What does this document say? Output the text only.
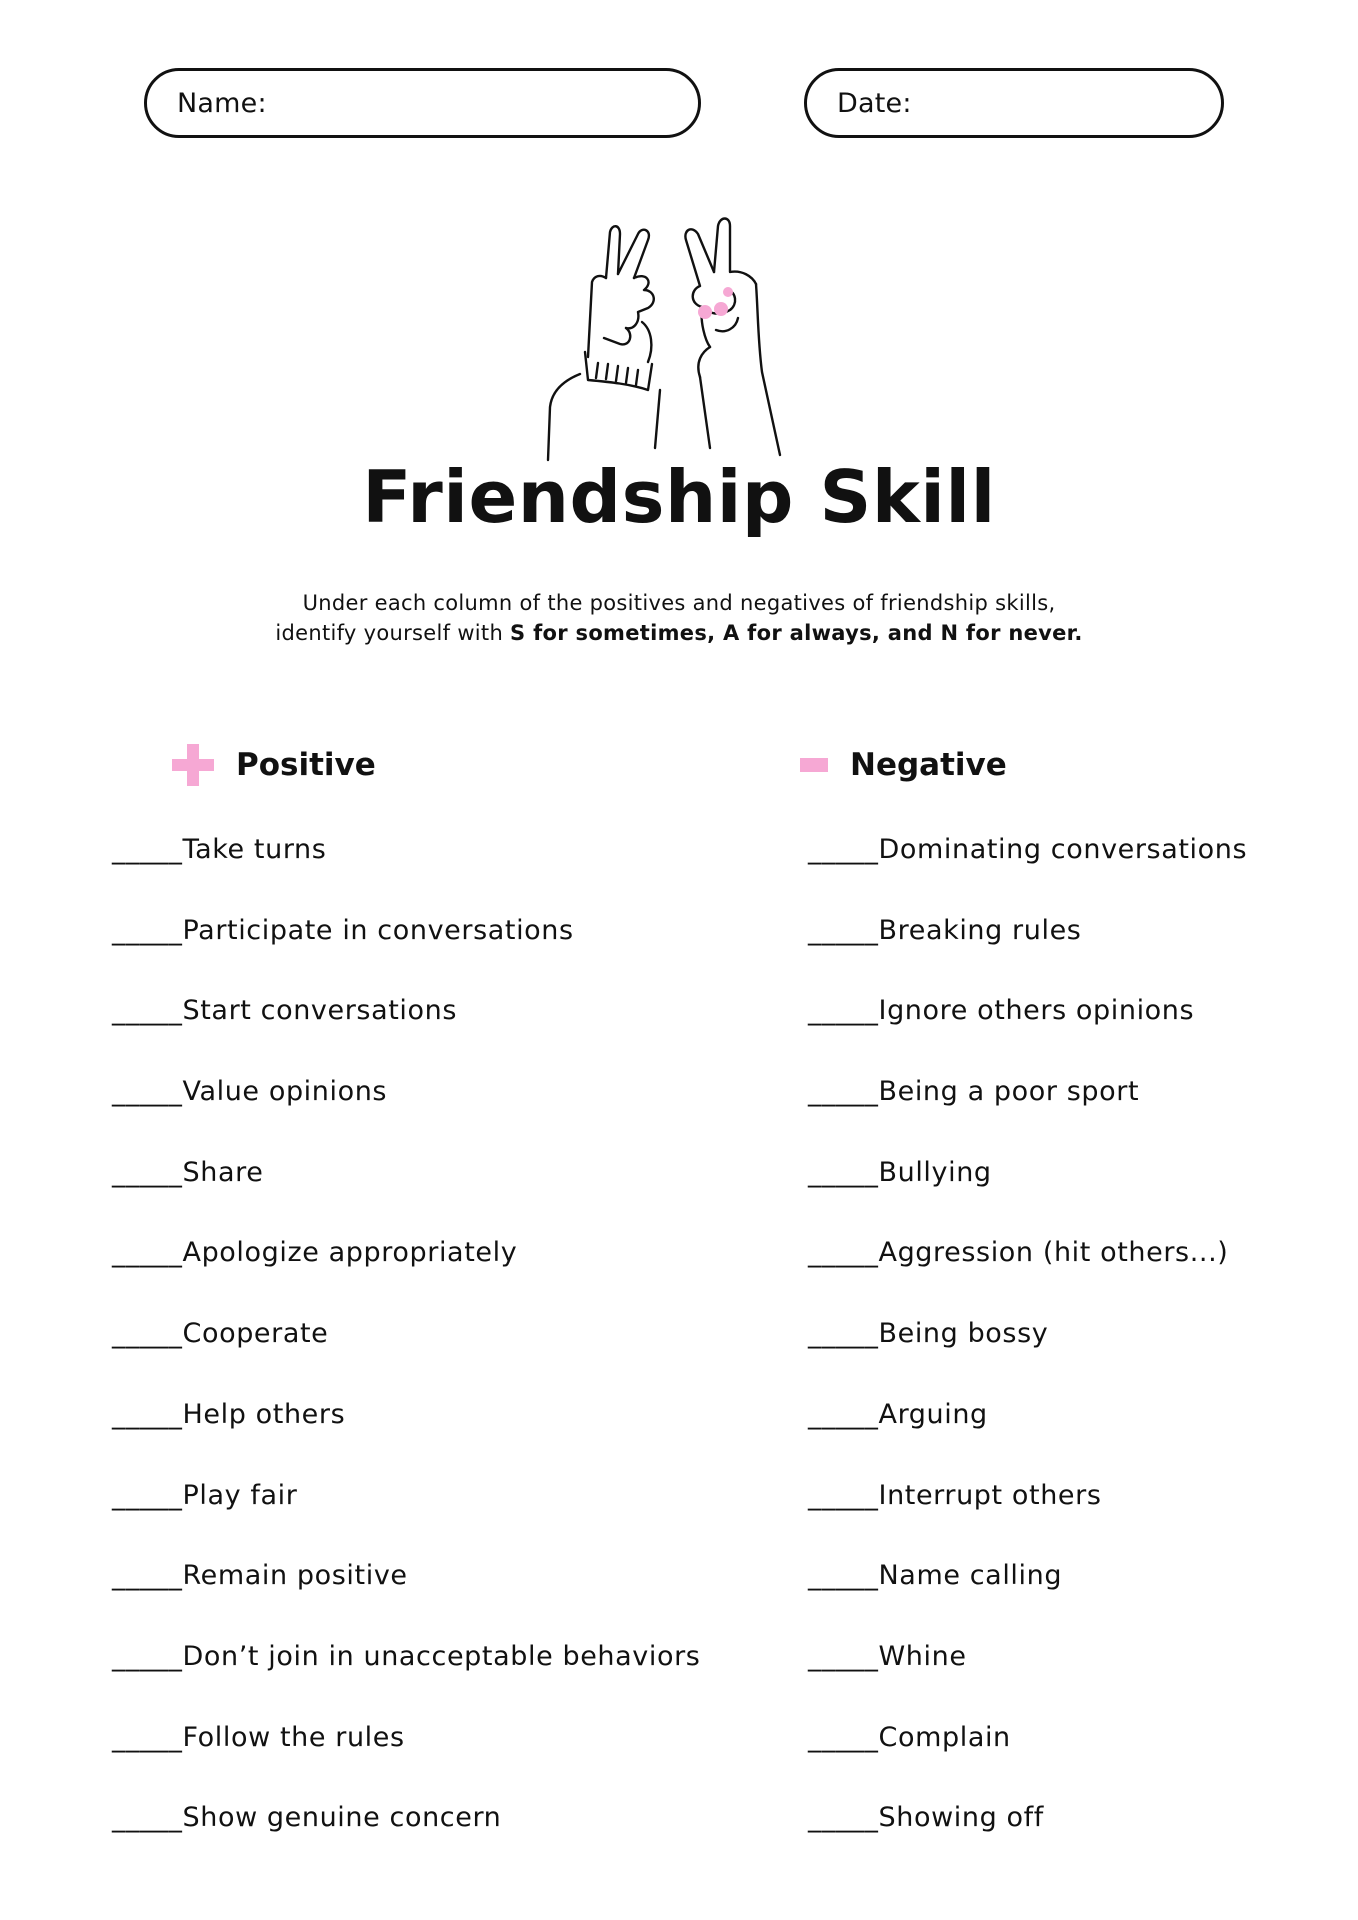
Name:	Date:
Friendship Skill
Under each column of the positives and negatives of friendship skills,
identify yourself with S for sometimes, A for always, and N for never.
Positive	Negative
_____Take turns
_____Participate in conversations
_____Start conversations
_____Value opinions
_____Share
_____Apologize appropriately
_____Cooperate
_____Help others
_____Play fair
_____Remain positive
_____Don’t join in unacceptable behaviors
_____Follow the rules
_____Show genuine concern
_____Dominating conversations
_____Breaking rules
_____Ignore others opinions
_____Being a poor sport
_____Bullying
_____Aggression (hit others...)
_____Being bossy
_____Arguing
_____Interrupt others
_____Name calling
_____Whine
_____Complain
_____Showing off
